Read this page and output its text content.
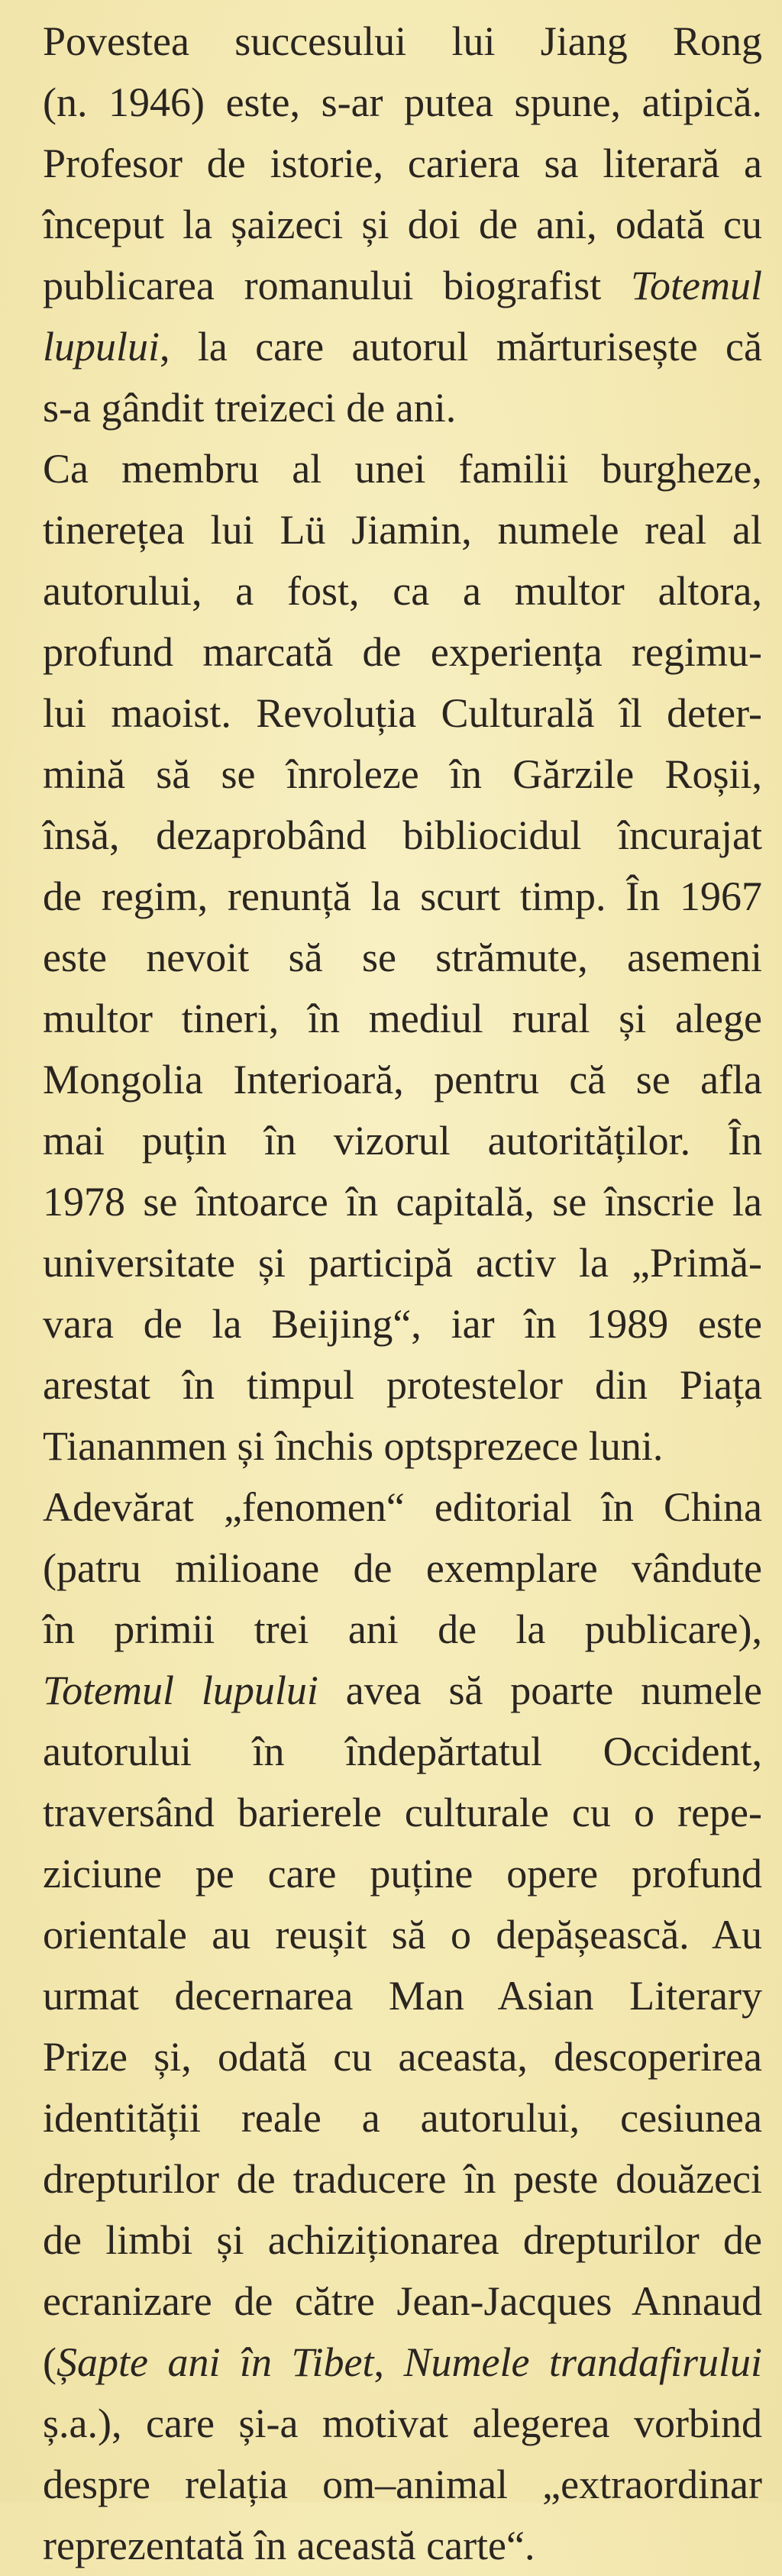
Povestea succesului lui Jiang Rong
(n. 1946) este, s-ar putea spune, atipică.
Profesor de istorie, cariera sa literară a
început la șaizeci și doi de ani, odată cu
publicarea romanului biografist Totemul
lupului, la care autorul mărturisește că
s-a gândit treizeci de ani.

Ca membru al unei familii burgheze,
tinerețea lui Lü Jiamin, numele real al
autorului, a fost, ca a multor altora,
profund marcată de experiența regimu-
lui maoist. Revoluția Culturală îl deter-
mină să se înroleze în Gărzile Roșii,
însă, dezaprobând bibliocidul încurajat
de regim, renunță la scurt timp. În 1967
este nevoit să se strămute, asemeni
multor tineri, în mediul rural și alege
Mongolia Interioară, pentru că se afla
mai puțin în vizorul autorităților. În
1978 se întoarce în capitală, se înscrie la
universitate și participă activ la „Primă-
vara de la Beijing“, iar în 1989 este
arestat în timpul protestelor din Piața
Tiananmen și închis optsprezece luni.

Adevărat „fenomen“ editorial în China
(patru milioane de exemplare vândute
în primii trei ani de la publicare),
Totemul lupului avea să poarte numele
autorului în îndepărtatul Occident,
traversând barierele culturale cu o repe-
ziciune pe care puține opere profund
orientale au reușit să o depășească. Au
urmat decernarea Man Asian Literary
Prize și, odată cu aceasta, descoperirea
identității reale a autorului, cesiunea
drepturilor de traducere în peste douăzeci
de limbi și achiziționarea drepturilor de
ecranizare de către Jean-Jacques Annaud
(Șapte ani în Tibet, Numele trandafirului
ș.a.), care și-a motivat alegerea vorbind
despre relația om–animal „extraordinar
reprezentată în această carte“.
